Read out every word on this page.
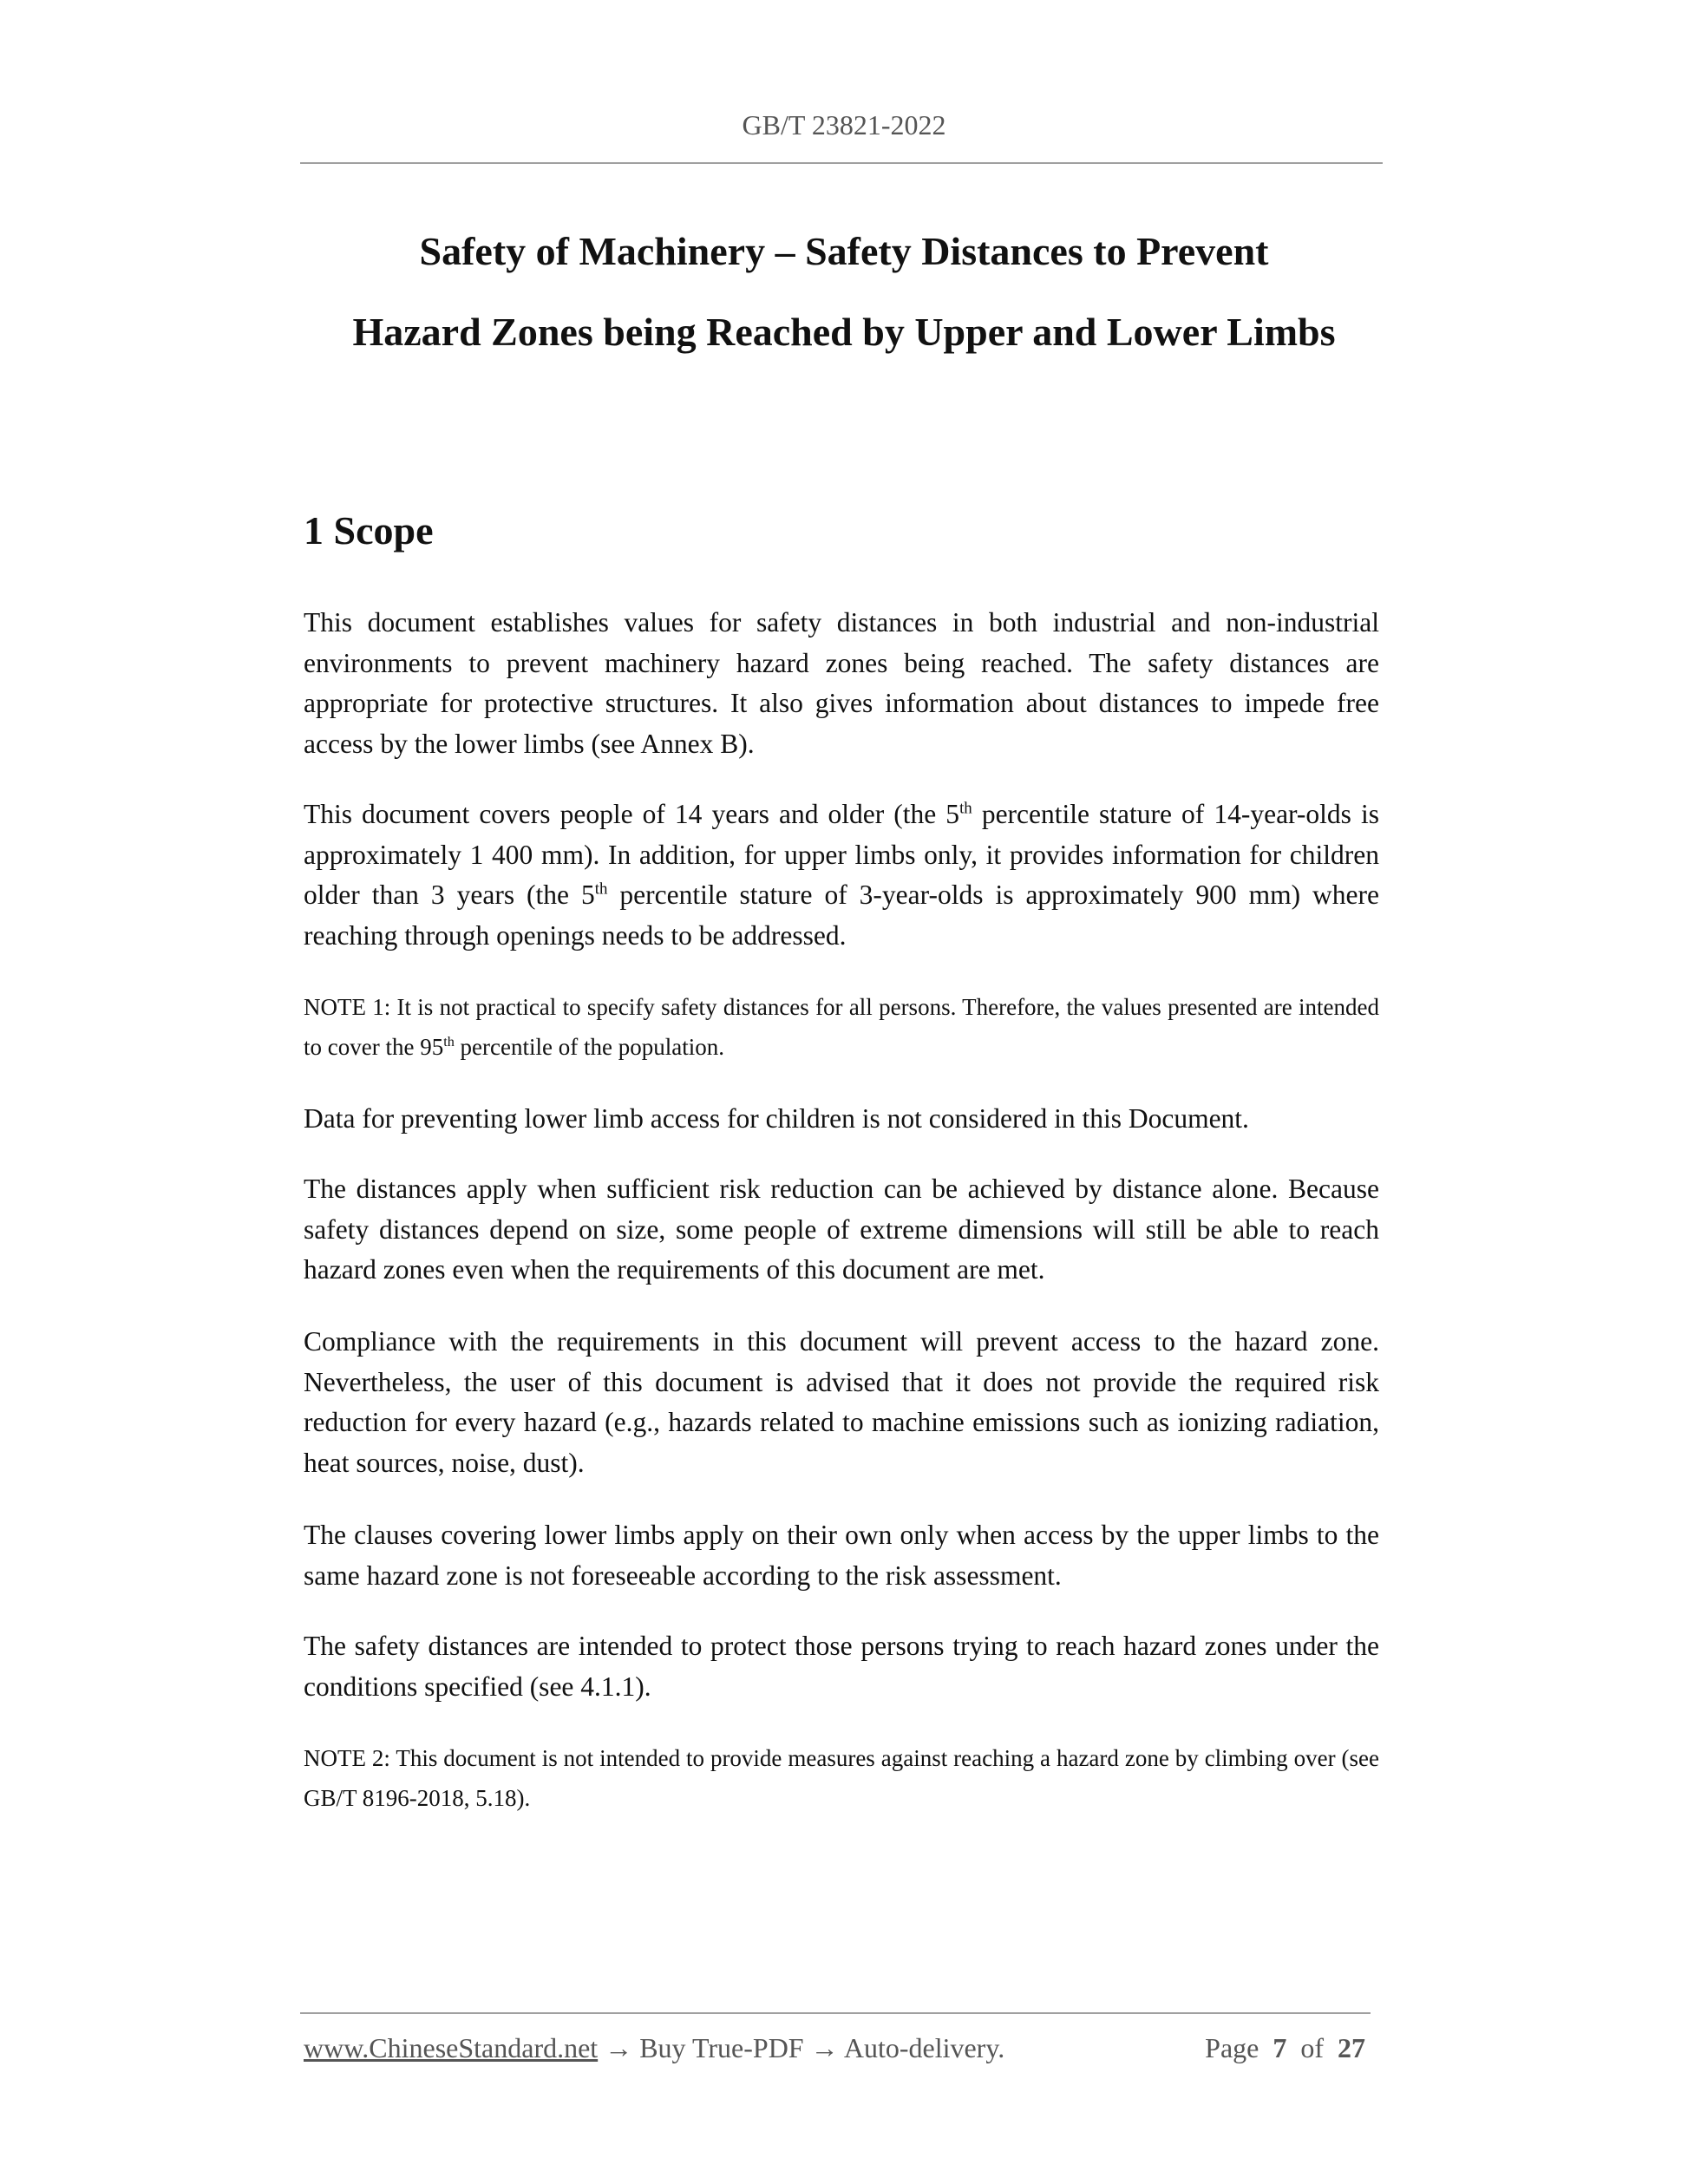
GB/T 23821-2022
Safety of Machinery – Safety Distances to Prevent
Hazard Zones being Reached by Upper and Lower Limbs
1 Scope

This document establishes values for safety distances in both industrial and non-industrial environments to prevent machinery hazard zones being reached. The safety distances are appropriate for protective structures. It also gives information about distances to impede free access by the lower limbs (see Annex B).

This document covers people of 14 years and older (the 5th percentile stature of 14-year-olds is approximately 1 400 mm). In addition, for upper limbs only, it provides information for children older than 3 years (the 5th percentile stature of 3-year-olds is approximately 900 mm) where reaching through openings needs to be addressed.

NOTE 1: It is not practical to specify safety distances for all persons. Therefore, the values presented are intended to cover the 95th percentile of the population.

Data for preventing lower limb access for children is not considered in this Document.

The distances apply when sufficient risk reduction can be achieved by distance alone. Because safety distances depend on size, some people of extreme dimensions will still be able to reach hazard zones even when the requirements of this document are met.

Compliance with the requirements in this document will prevent access to the hazard zone. Nevertheless, the user of this document is advised that it does not provide the required risk reduction for every hazard (e.g., hazards related to machine emissions such as ionizing radiation, heat sources, noise, dust).

The clauses covering lower limbs apply on their own only when access by the upper limbs to the same hazard zone is not foreseeable according to the risk assessment.

The safety distances are intended to protect those persons trying to reach hazard zones under the conditions specified (see 4.1.1).

NOTE 2: This document is not intended to provide measures against reaching a hazard zone by climbing over (see GB/T 8196-2018, 5.18).

www.ChineseStandard.net → Buy True-PDF → Auto-delivery.	Page 7 of 27
